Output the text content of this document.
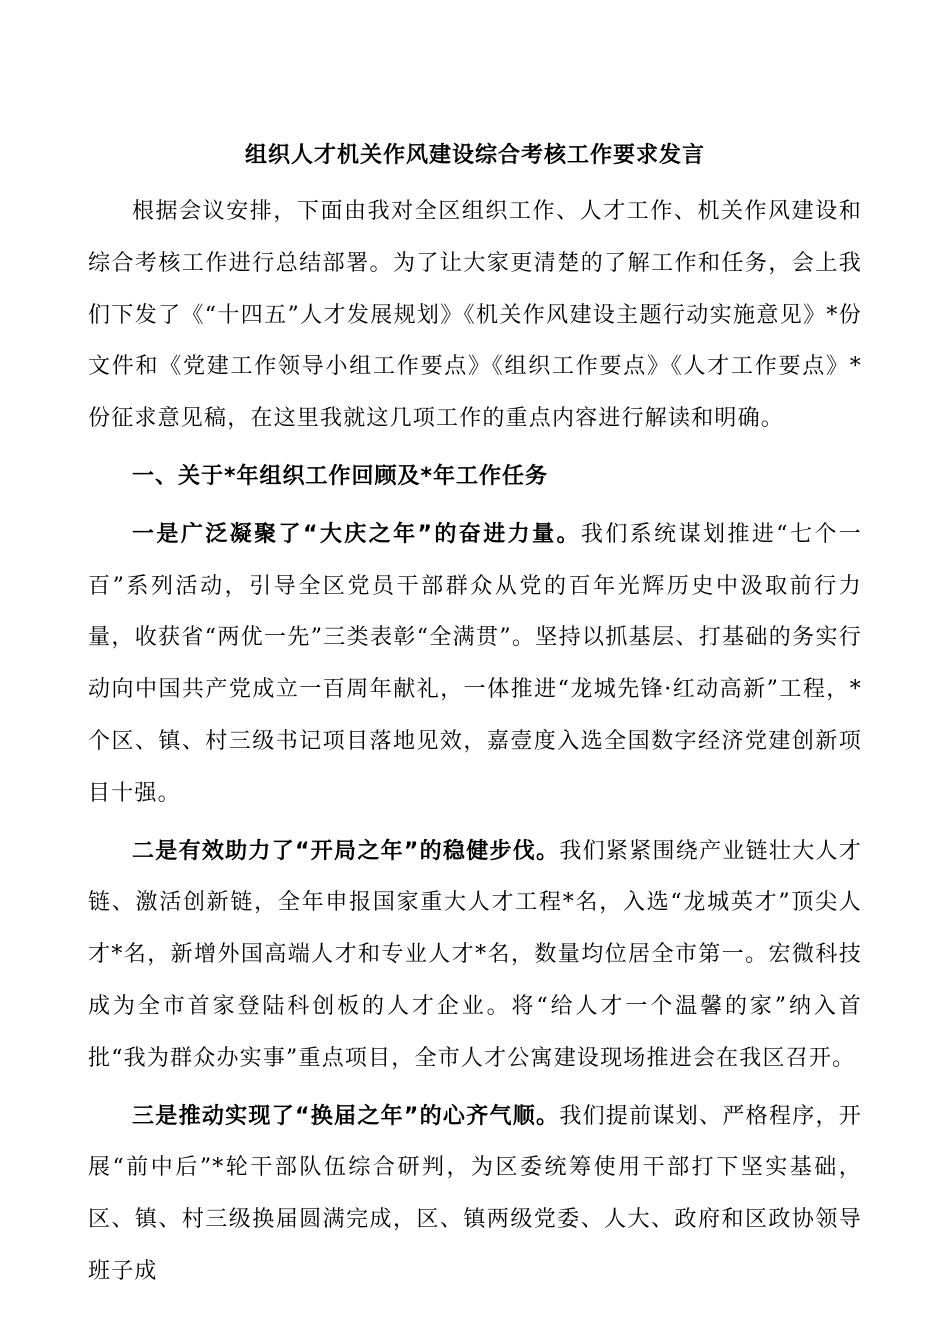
组织人才机关作风建设综合考核工作要求发言

根据会议安排，下面由我对全区组织工作、人才工作、机关作风建设和综合考核工作进行总结部署。为了让大家更清楚的了解工作和任务，会上我们下发了《“十四五”人才发展规划》《机关作风建设主题行动实施意见》*份文件和《党建工作领导小组工作要点》《组织工作要点》《人才工作要点》*份征求意见稿，在这里我就这几项工作的重点内容进行解读和明确。

一、关于*年组织工作回顾及*年工作任务

一是广泛凝聚了“大庆之年”的奋进力量。我们系统谋划推进“七个一百”系列活动，引导全区党员干部群众从党的百年光辉历史中汲取前行力量，收获省“两优一先”三类表彰“全满贯”。坚持以抓基层、打基础的务实行动向中国共产党成立一百周年献礼，一体推进“龙城先锋·红动高新”工程，*个区、镇、村三级书记项目落地见效，嘉壹度入选全国数字经济党建创新项目十强。

二是有效助力了“开局之年”的稳健步伐。我们紧紧围绕产业链壮大人才链、激活创新链，全年申报国家重大人才工程*名，入选“龙城英才”顶尖人才*名，新增外国高端人才和专业人才*名，数量均位居全市第一。宏微科技成为全市首家登陆科创板的人才企业。将“给人才一个温馨的家”纳入首批“我为群众办实事”重点项目，全市人才公寓建设现场推进会在我区召开。

三是推动实现了“换届之年”的心齐气顺。我们提前谋划、严格程序，开展“前中后”*轮干部队伍综合研判，为区委统筹使用干部打下坚实基础，区、镇、村三级换届圆满完成，区、镇两级党委、人大、政府和区政协领导班子成
